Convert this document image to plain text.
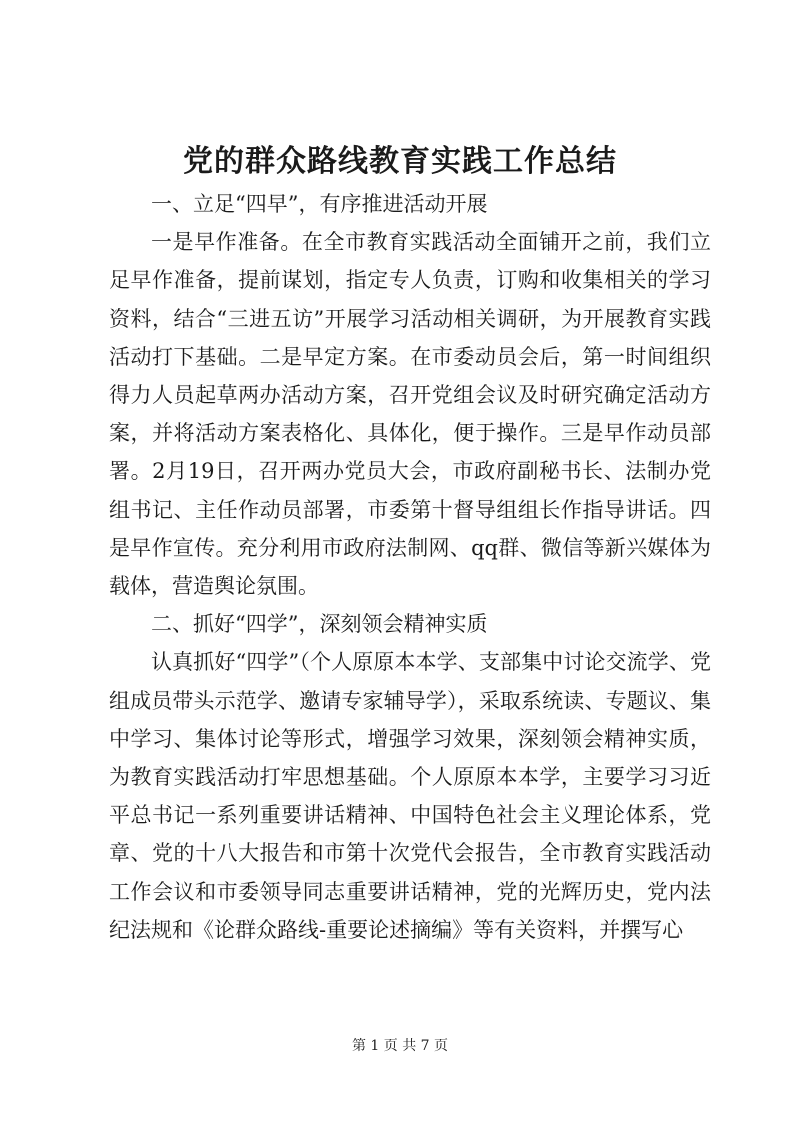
党的群众路线教育实践工作总结

一、立足“四早”，有序推进活动开展

一是早作准备。在全市教育实践活动全面铺开之前，我们立足早作准备，提前谋划，指定专人负责，订购和收集相关的学习资料，结合“三进五访”开展学习活动相关调研，为开展教育实践活动打下基础。二是早定方案。在市委动员会后，第一时间组织得力人员起草两办活动方案，召开党组会议及时研究确定活动方案，并将活动方案表格化、具体化，便于操作。三是早作动员部署。2月19日，召开两办党员大会，市政府副秘书长、法制办党组书记、主任作动员部署，市委第十督导组组长作指导讲话。四是早作宣传。充分利用市政府法制网、qq群、微信等新兴媒体为载体，营造舆论氛围。

二、抓好“四学”，深刻领会精神实质

认真抓好“四学”（个人原原本本学、支部集中讨论交流学、党组成员带头示范学、邀请专家辅导学），采取系统读、专题议、集中学习、集体讨论等形式，增强学习效果，深刻领会精神实质，为教育实践活动打牢思想基础。个人原原本本学，主要学习习近平总书记一系列重要讲话精神、中国特色社会主义理论体系，党章、党的十八大报告和市第十次党代会报告，全市教育实践活动工作会议和市委领导同志重要讲话精神，党的光辉历史，党内法纪法规和《论群众路线-重要论述摘编》等有关资料，并撰写心

第 1 页 共 7 页
